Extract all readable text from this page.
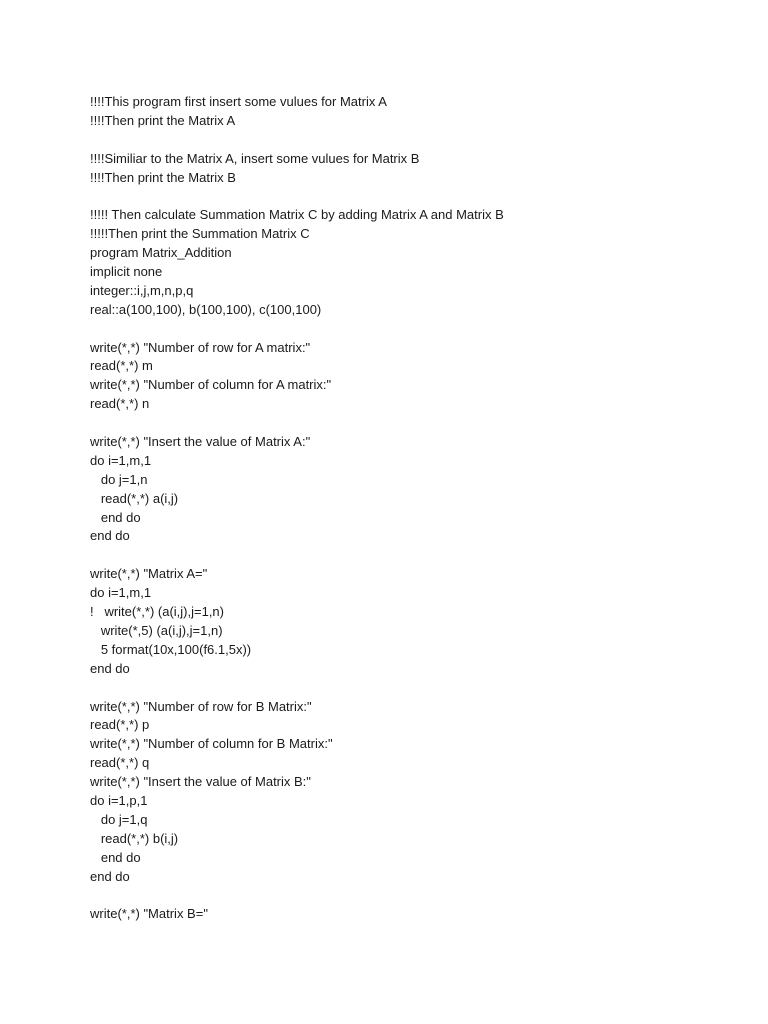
!!!!This program first insert some vulues for Matrix A

!!!!Then print the Matrix A

!!!!Similiar to the Matrix A, insert some vulues for Matrix B

!!!!Then print the Matrix B

!!!!! Then calculate Summation Matrix C by adding Matrix A and Matrix B

!!!!!Then print the Summation Matrix C

program Matrix_Addition

implicit none

integer::i,j,m,n,p,q

real::a(100,100), b(100,100), c(100,100)

write(*,*) "Number of row for A matrix:"

read(*,*) m

write(*,*) "Number of column for A matrix:"

read(*,*) n

write(*,*) "Insert the value of Matrix A:"

do i=1,m,1

do j=1,n

read(*,*) a(i,j)

end do

end do

write(*,*) "Matrix A="

do i=1,m,1

!   write(*,*) (a(i,j),j=1,n)

write(*,5) (a(i,j),j=1,n)

5 format(10x,100(f6.1,5x))

end do

write(*,*) "Number of row for B Matrix:"

read(*,*) p

write(*,*) "Number of column for B Matrix:"

read(*,*) q

write(*,*) "Insert the value of Matrix B:"

do i=1,p,1

do j=1,q

read(*,*) b(i,j)

end do

end do

write(*,*) "Matrix B="
